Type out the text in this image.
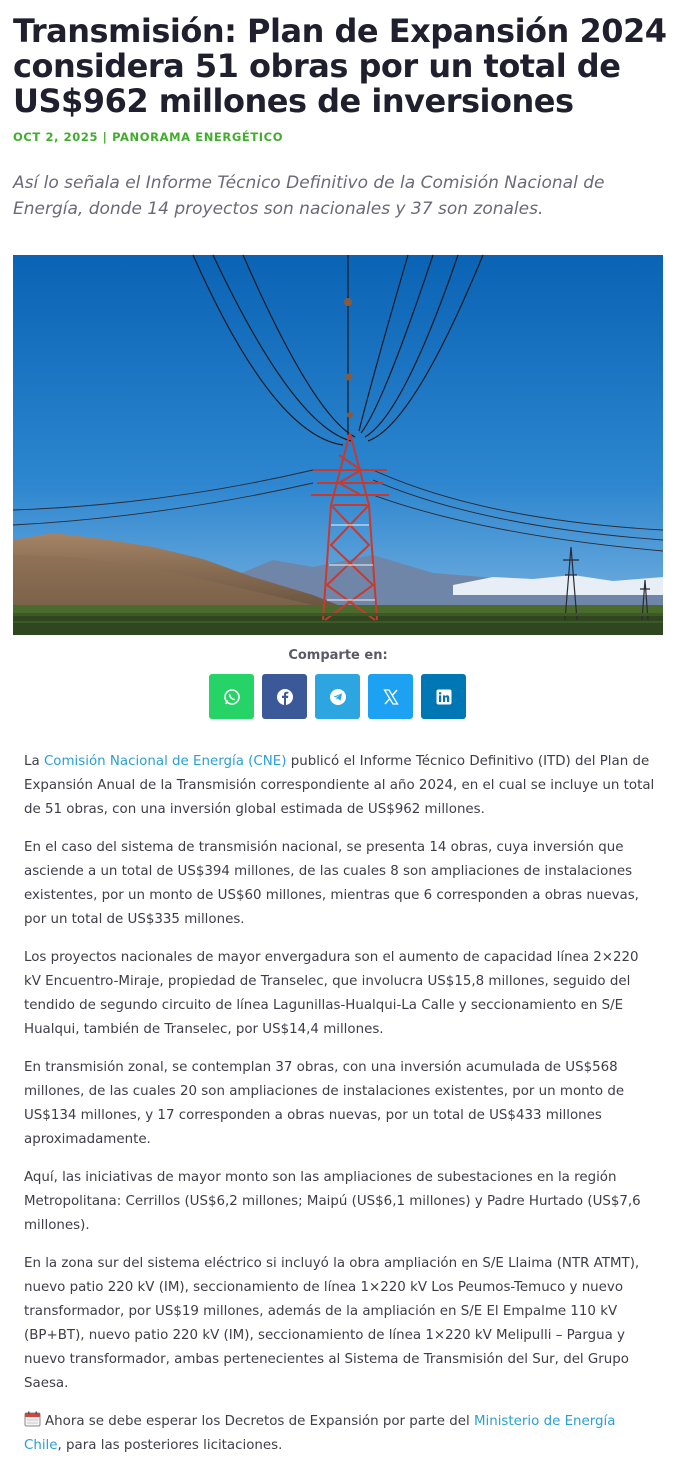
Transmisión: Plan de Expansión 2024 considera 51 obras por un total de US$962 millones de inversiones
OCT 2, 2025 | PANORAMA ENERGÉTICO

Así lo señala el Informe Técnico Definitivo de la Comisión Nacional de Energía, donde 14 proyectos son nacionales y 37 son zonales.

Comparte en:

La Comisión Nacional de Energía (CNE) publicó el Informe Técnico Definitivo (ITD) del Plan de Expansión Anual de la Transmisión correspondiente al año 2024, en el cual se incluye un total de 51 obras, con una inversión global estimada de US$962 millones.

En el caso del sistema de transmisión nacional, se presenta 14 obras, cuya inversión que asciende a un total de US$394 millones, de las cuales 8 son ampliaciones de instalaciones existentes, por un monto de US$60 millones, mientras que 6 corresponden a obras nuevas, por un total de US$335 millones.

Los proyectos nacionales de mayor envergadura son el aumento de capacidad línea 2×220 kV Encuentro-Miraje, propiedad de Transelec, que involucra US$15,8 millones, seguido del tendido de segundo circuito de línea Lagunillas-Hualqui-La Calle y seccionamiento en S/E Hualqui, también de Transelec, por US$14,4 millones.

En transmisión zonal, se contemplan 37 obras, con una inversión acumulada de US$568 millones, de las cuales 20 son ampliaciones de instalaciones existentes, por un monto de US$134 millones, y 17 corresponden a obras nuevas, por un total de US$433 millones aproximadamente.

Aquí, las iniciativas de mayor monto son las ampliaciones de subestaciones en la región Metropolitana: Cerrillos (US$6,2 millones; Maipú (US$6,1 millones) y Padre Hurtado (US$7,6 millones).

En la zona sur del sistema eléctrico si incluyó la obra ampliación en S/E Llaima (NTR ATMT), nuevo patio 220 kV (IM), seccionamiento de línea 1×220 kV Los Peumos-Temuco y nuevo transformador, por US$19 millones, además de la ampliación en S/E El Empalme 110 kV (BP+BT), nuevo patio 220 kV (IM), seccionamiento de línea 1×220 kV Melipulli – Pargua y nuevo transformador, ambas pertenecientes al Sistema de Transmisión del Sur, del Grupo Saesa.

Ahora se debe esperar los Decretos de Expansión por parte del Ministerio de Energía Chile, para las posteriores licitaciones.
